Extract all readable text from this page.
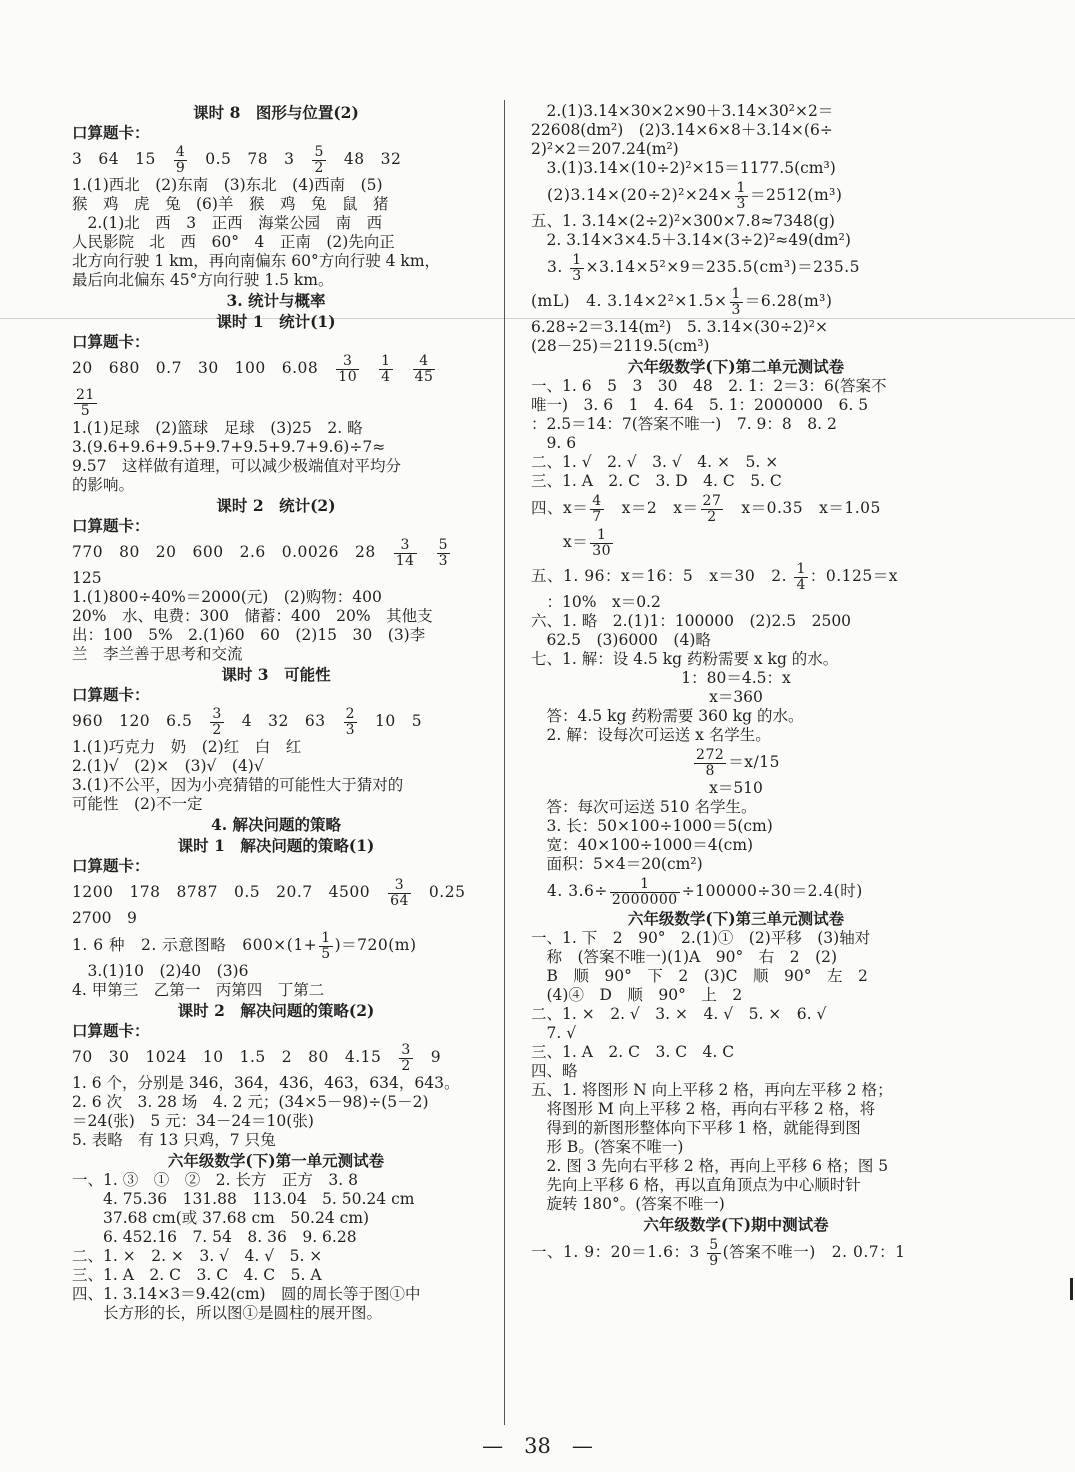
课时 8　图形与位置(2)
口算题卡：
3　64　15　 $\frac{4}{9}$ 　0.5　78　3　 $\frac{5}{2}$ 　48　32
1.(1)西北　(2)东南　(3)东北　(4)西南　(5)
猴　鸡　虎　兔　(6)羊　猴　鸡　兔　鼠　猪
　2.(1)北　西　3　正西　海棠公园　南　西
人民影院　北　西　60°　4　正南　(2)先向正
北方向行驶 1 km，再向南偏东 60°方向行驶 4 km，
最后向北偏东 45°方向行驶 1.5 km。
3. 统计与概率
课时 1　统计(1)
口算题卡：
20　680　0.7　30　100　6.08　 $\frac{3}{10}$
　 $\frac{1}{4}$
　 $\frac{4}{45}$

$\frac{21}{5}$
1.(1)足球　(2)篮球　足球　(3)25　2. 略
3.(9.6+9.6+9.5+9.7+9.5+9.7+9.6)÷7≈
9.57　这样做有道理，可以减少极端值对平均分
的影响。
课时 2　统计(2)
口算题卡：
770　80　20　600　2.6　0.0026　28　 $\frac{3}{14}$
　 $\frac{5}{3}$
125
1.(1)800÷40%＝2000(元)　(2)购物：400
20%　水、电费：300　储蓄：400　20%　其他支
出：100　5%　2.(1)60　60　(2)15　30　(3)李
兰　李兰善于思考和交流
课时 3　可能性
口算题卡：
960　120　6.5　 $\frac{3}{2}$ 　4　32　63　 $\frac{2}{3}$ 　10　5
1.(1)巧克力　奶　(2)红　白　红
2.(1)√　(2)×　(3)√　(4)√
3.(1)不公平，因为小亮猜错的可能性大于猜对的
可能性　(2)不一定
4. 解决问题的策略
课时 1　解决问题的策略(1)
口算题卡：
1200　178　8787　0.5　20.7　4500　 $\frac{3}{64}$ 　0.25
2700　9
1. 6 种　2. 示意图略　$600\times(1+ \frac{1}{5} )=720(m)$
　3.(1)10　(2)40　(3)6
4. 甲第三　乙第一　丙第四　丁第二
课时 2　解决问题的策略(2)
口算题卡：
70　30　1024　10　1.5　2　80　4.15　 $\frac{3}{2}$ 　9
1. 6 个，分别是 346，364，436，463，634，643。
2. 6 次　3. 28 场　4. 2 元；(34×5－98)÷(5－2)
＝24(张)　5 元：34－24＝10(张)
5. 表略　有 13 只鸡，7 只兔
六年级数学(下)第一单元测试卷
一、1. ③　①　②　2. 长方　正方　3. 8
　　4. 75.36　131.88　113.04　5. 50.24 cm
　　37.68 cm(或 37.68 cm　50.24 cm)
　　6. 452.16　7. 54　8. 36　9. 6.28
二、1. ×　2. ×　3. √　4. √　5. ×
三、1. A　2. C　3. C　4. C　5. A
四、1. 3.14×3＝9.42(cm)　圆的周长等于图①中
　　长方形的长，所以图①是圆柱的展开图。
　2.(1)3.14×30×2×90＋3.14×30²×2＝
22608(dm²)　(2)3.14×6×8＋3.14×(6÷
2)²×2＝207.24(m²)
　3.(1)3.14×(10÷2)²×15＝1177.5(cm³)
　$(2)3.14\times(20\div 2)^2\times 24\times \frac{1}{3} =2512(m^3)$
五、1. 3.14×(2÷2)²×300×7.8≈7348(g)
　2. 3.14×3×4.5＋3.14×(3÷2)²≈49(dm²)
　3. $\frac{1}{3} \times 3.14\times 5^2\times 9=235.5(cm^3)=235.5$
(mL)　4. $3.14\times 2^2\times 1.5\times \frac{1}{3} =6.28(m^3)$
6.28÷2＝3.14(m²)　5. 3.14×(30÷2)²×
(28－25)＝2119.5(cm³)
六年级数学(下)第二单元测试卷
一、1. 6　5　3　30　48　2. 1：2＝3：6(答案不
唯一)　3. 6　1　4. 64　5. 1：2000000　6. 5
：2.5＝14：7(答案不唯一)　7. 9：8　8. 2
　9. 6
二、1. √　2. √　3. √　4. ×　5. ×
三、1. A　2. C　3. D　4. C　5. C
四、$x= \frac{4}{7}$ 　x＝2　$x= \frac{27}{2}$ 　x＝0.35　x＝1.05
　　$x= \frac{1}{30}$
五、1. 96：x＝16：5　x＝30　2. $\frac{1}{4}$ ：0.125＝x
　：10%　x＝0.2
六、1. 略　2.(1)1：100000　(2)2.5　2500
　62.5　(3)6000　(4)略
七、1. 解：设 4.5 kg 药粉需要 x kg 的水。
1：80＝4.5：x
x＝360
　答：4.5 kg 药粉需要 360 kg 的水。
　2. 解：设每次可运送 x 名学生。
$\frac{272}{8} =x/15$
x＝510
　答：每次可运送 510 名学生。
　3. 长：50×100÷1000＝5(cm)
　宽：40×100÷1000＝4(cm)
　面积：5×4＝20(cm²)
　4. $3.6\div \frac{1}{2000000} \div 100000\div 30=2.4$(时)
六年级数学(下)第三单元测试卷
一、1. 下　2　90°　2.(1)①　(2)平移　(3)轴对
　称　(答案不唯一)(1)A　90°　右　2　(2)
　B　顺　90°　下　2　(3)C　顺　90°　左　2
　(4)④　D　顺　90°　上　2
二、1. ×　2. √　3. ×　4. √　5. ×　6. √
　7. √
三、1. A　2. C　3. C　4. C
四、略
五、1. 将图形 N 向上平移 2 格，再向左平移 2 格；
　将图形 M 向上平移 2 格，再向右平移 2 格，将
　得到的新图形整体向下平移 1 格，就能得到图
　形 B。(答案不唯一)
　2. 图 3 先向右平移 2 格，再向上平移 6 格；图 5
　先向上平移 6 格，再以直角顶点为中心顺时针
　旋转 180°。(答案不唯一)
六年级数学(下)期中测试卷
一、1. 9：20＝1.6：$3 \frac{5}{9}$ (答案不唯一)　2. 0.7：1
—　38　—
